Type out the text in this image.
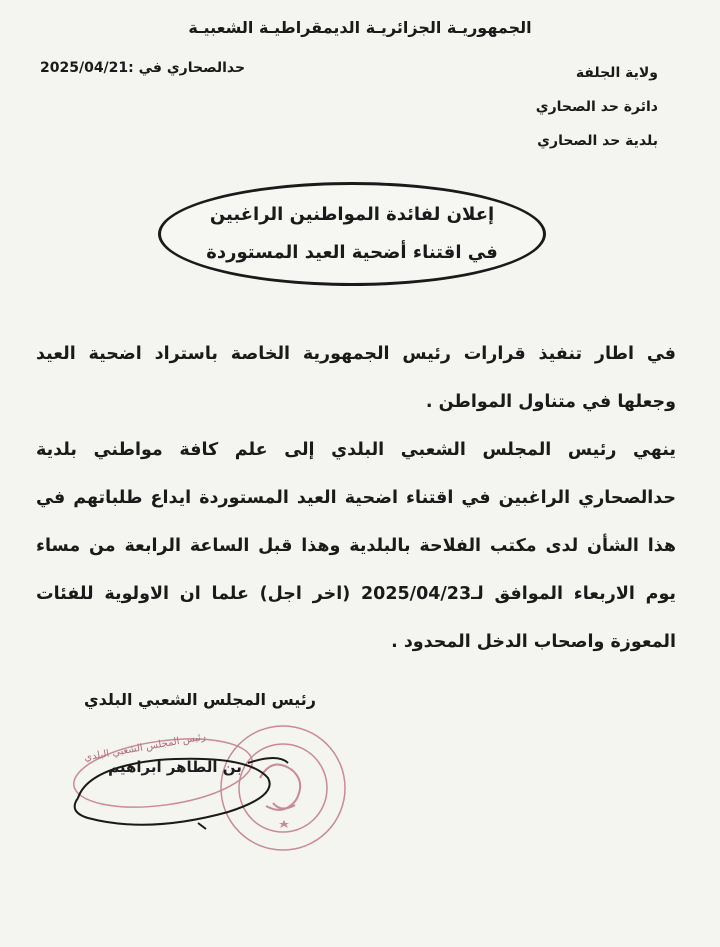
الجمهوريـة الجزائريـة الديمقراطيـة الشعبيـة
حدالصحاري في :2025/04/21	ولاية الجلفة
دائرة حد الصحاري
بلدية حد الصحاري
إعلان لفائدة المواطنين الراغبين
في اقتناء أضحية العيد المستوردة

في اطار تنفيذ قرارات رئيس الجمهورية الخاصة باستراد اضحية العيد وجعلها في متناول المواطن .

ينهي رئيس المجلس الشعبي البلدي إلى علم كافة مواطني بلدية حدالصحاري الراغبين في اقتناء اضحية العيد المستوردة ايداع طلباتهم في هذا الشأن لدى مكتب الفلاحة بالبلدية وهذا قبل الساعة الرابعة من مساء يوم الاربعاء الموافق لـ2025/04/23 (اخر اجل) علما ان الاولوية للفئات المعوزة واصحاب الدخل المحدود .

رئيس المجلس الشعبي البلدي
رئيس المجلس الشعبي البلدي
بن الطاهر ابراهيم
